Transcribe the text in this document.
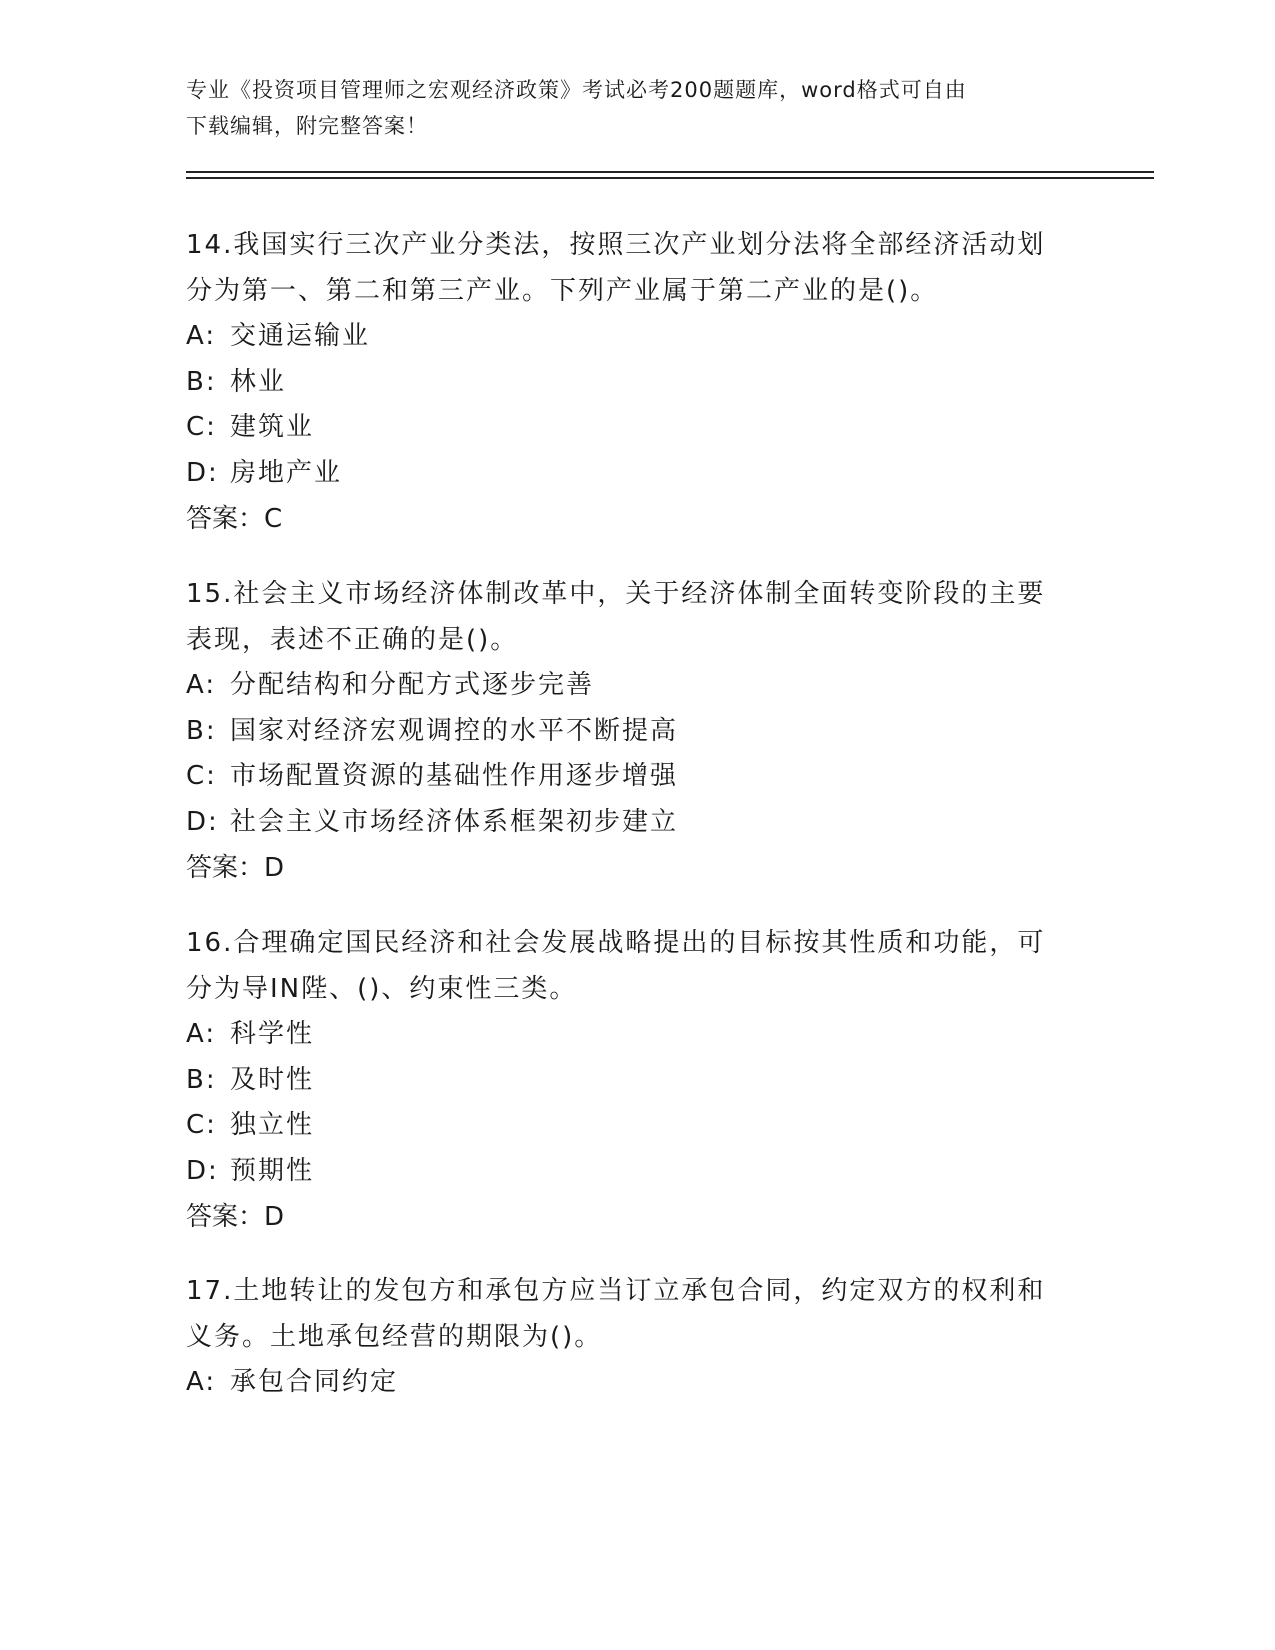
专业《投资项目管理师之宏观经济政策》考试必考200题题库，word格式可自由
下载编辑，附完整答案！

14.我国实行三次产业分类法，按照三次产业划分法将全部经济活动划

分为第一、第二和第三产业。下列产业属于第二产业的是()。

A: 交通运输业

B: 林业

C: 建筑业

D: 房地产业

答案：C

15.社会主义市场经济体制改革中，关于经济体制全面转变阶段的主要

表现，表述不正确的是()。

A: 分配结构和分配方式逐步完善

B: 国家对经济宏观调控的水平不断提高

C: 市场配置资源的基础性作用逐步增强

D: 社会主义市场经济体系框架初步建立

答案：D

16.合理确定国民经济和社会发展战略提出的目标按其性质和功能，可

分为导IN陛、()、约束性三类。

A: 科学性

B: 及时性

C: 独立性

D: 预期性

答案：D

17.土地转让的发包方和承包方应当订立承包合同，约定双方的权利和

义务。土地承包经营的期限为()。

A: 承包合同约定
